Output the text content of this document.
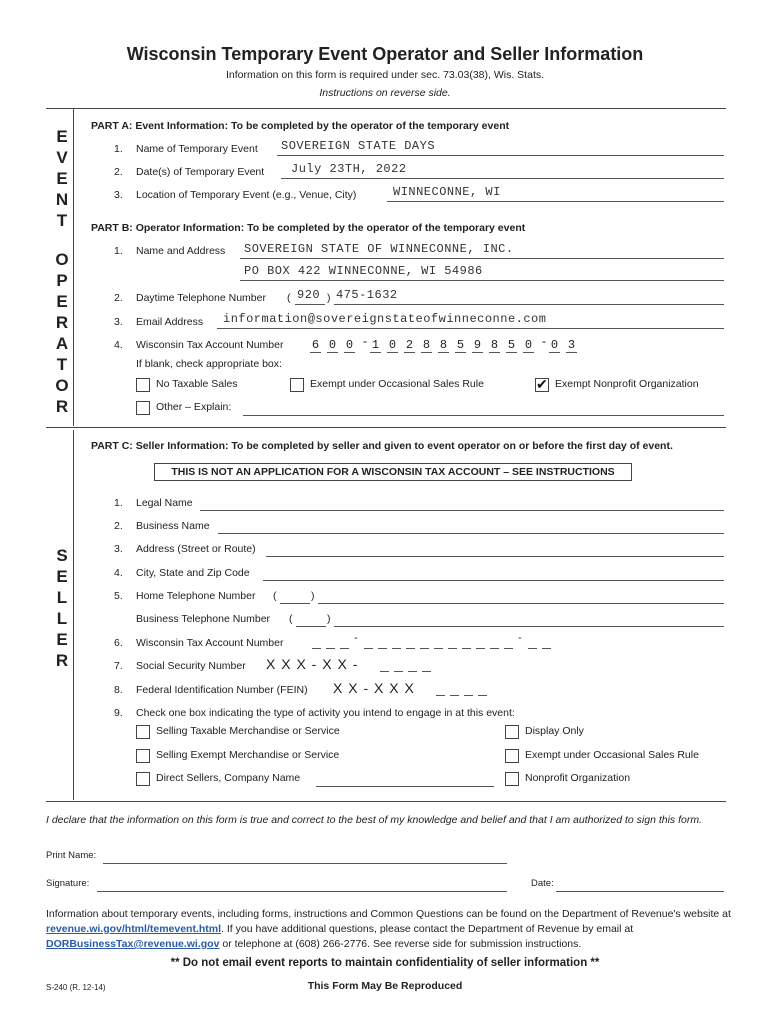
Wisconsin Temporary Event Operator and Seller Information
Information on this form is required under sec. 73.03(38), Wis. Stats.
Instructions on reverse side.
E
V
E
N
T
O
P
E
R
A
T
O
R
S
E
L
L
E
R
PART A: Event Information: To be completed by the operator of the temporary event
1. Name of Temporary Event SOVEREIGN STATE DAYS
2. Date(s) of Temporary Event July 23TH, 2022
3. Location of Temporary Event (e.g., Venue, City)	WINNECONNE, WI
PART B: Operator Information: To be completed by the operator of the temporary event
1. Name and Address SOVEREIGN STATE OF WINNECONNE, INC.
PO BOX 422 WINNECONNE, WI 54986
2. Daytime Telephone Number ( 920 ) 475-1632
3. Email Address information@sovereignstateofwinneconne.com
4. Wisconsin Tax Account Number 6 0 0 - 1 0 2 8 8 5 9 8 5 0 - 0 3
If blank, check appropriate box:
No Taxable Sales	Exempt under Occasional Sales Rule
✔	Exempt Nonprofit Organization
Other – Explain:
PART C: Seller Information: To be completed by seller and given to event operator on or before the first day of event.
THIS IS NOT AN APPLICATION FOR A WISCONSIN TAX ACCOUNT – SEE INSTRUCTIONS
1. Legal Name
2. Business Name
3. Address (Street or Route)
4. City, State and Zip Code
5. Home Telephone Number (	)
Business Telephone Number (	)
6. Wisconsin Tax Account Number	-	-
7. Social Security Number X X X - X X -
8. Federal Identification Number (FEIN) X X - X X X
9. Check one box indicating the type of activity you intend to engage in at this event:
Selling Taxable Merchandise or Service	Display Only
Selling Exempt Merchandise or Service	Exempt under Occasional Sales Rule
Direct Sellers, Company Name	Nonprofit Organization
I declare that the information on this form is true and correct to the best of my knowledge and belief and that I am authorized to sign this form.
Print Name:
Signature:	Date:
Information about temporary events, including forms, instructions and Common Questions can be found on the Department of Revenue's website at revenue.wi.gov/html/temevent.html. If you have additional questions, please contact the Department of Revenue by email at DORBusinessTax@revenue.wi.gov or telephone at (608) 266-2776. See reverse side for submission instructions.
** Do not email event reports to maintain confidentiality of seller information **
S-240 (R. 12-14)	This Form May Be Reproduced
